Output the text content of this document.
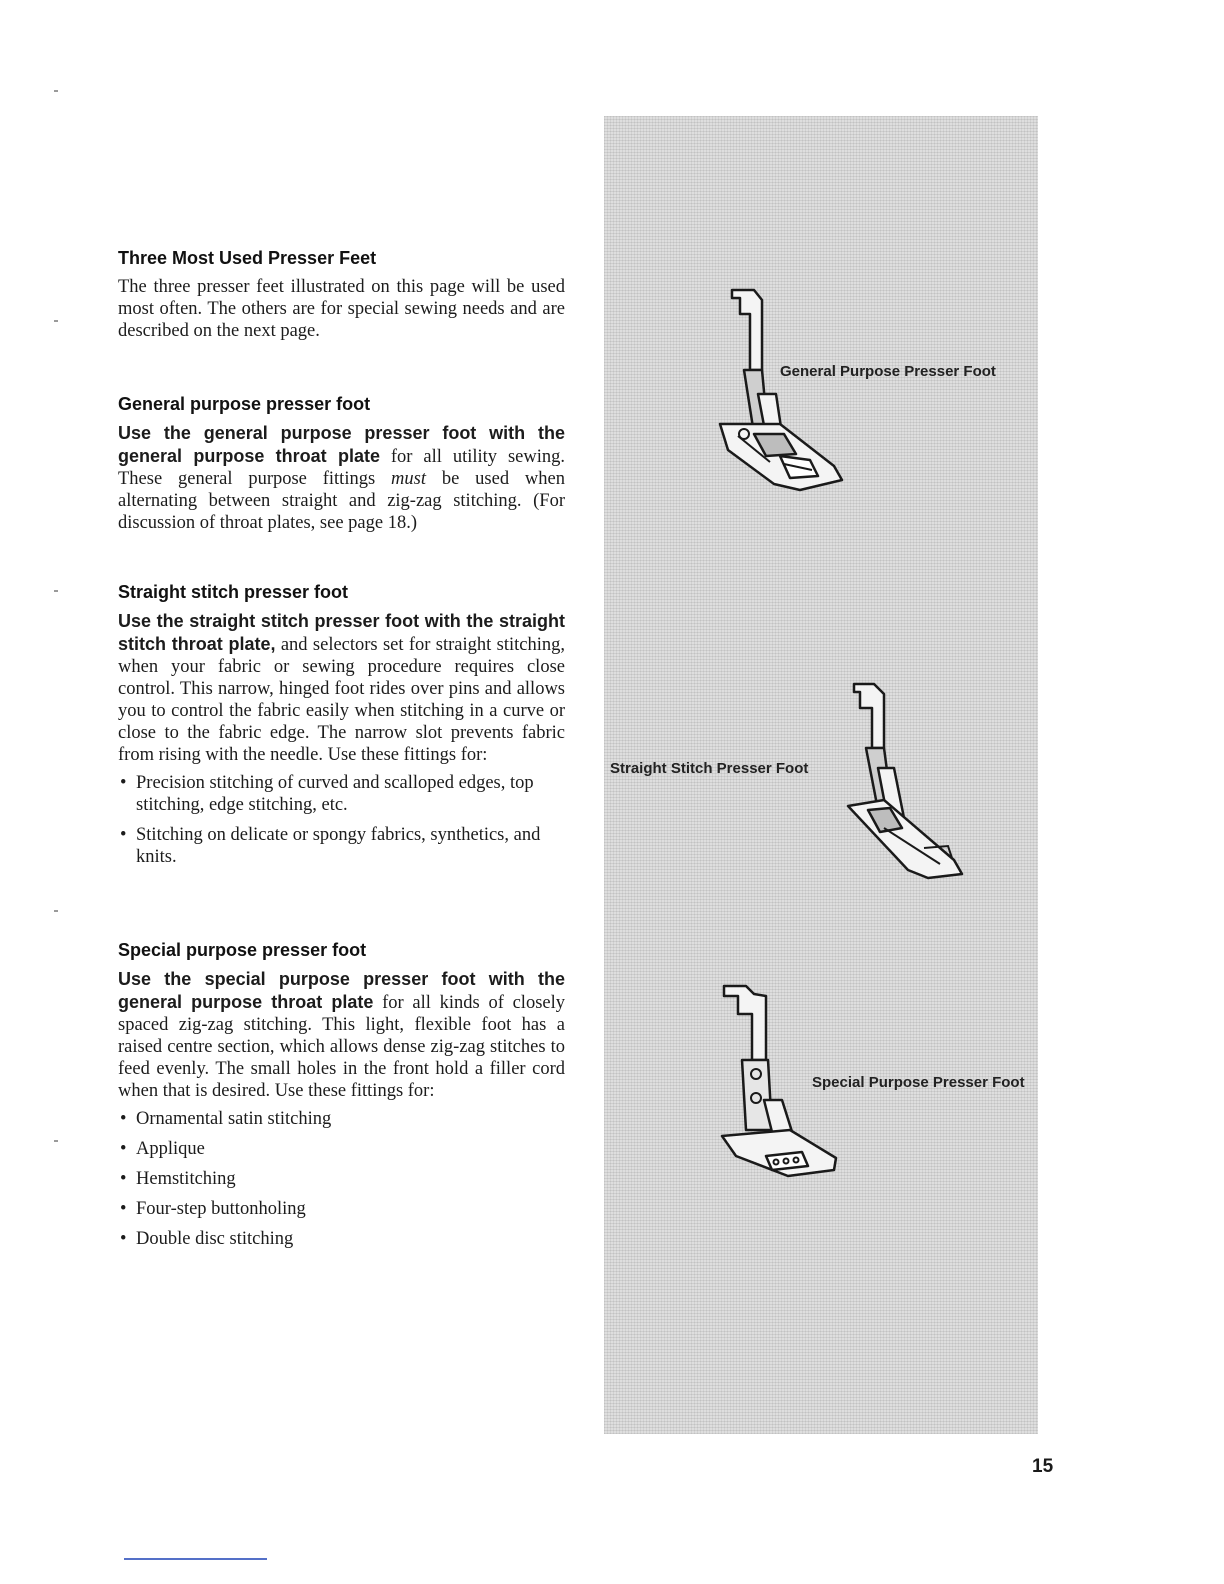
Three Most Used Presser Feet

The three presser feet illustrated on this page will be used most often. The others are for special sewing needs and are described on the next page.

General purpose presser foot

Use the general purpose presser foot with the general purpose throat plate for all utility sewing. These general purpose fittings must be used when alternating between straight and zig-zag stitching. (For discussion of throat plates, see page 18.)

Straight stitch presser foot

Use the straight stitch presser foot with the straight stitch throat plate, and selectors set for straight stitching, when your fabric or sewing procedure requires close control. This narrow, hinged foot rides over pins and allows you to control the fabric easily when stitching in a curve or close to the fabric edge. The narrow slot prevents fabric from rising with the needle. Use these fittings for:

• Precision stitching of curved and scalloped edges, top stitching, edge stitching, etc.
• Stitching on delicate or spongy fabrics, synthetics, and knits.
Special purpose presser foot

Use the special purpose presser foot with the general purpose throat plate for all kinds of closely spaced zig-zag stitching. This light, flexible foot has a raised centre section, which allows dense zig-zag stitches to feed evenly. The small holes in the front hold a filler cord when that is desired. Use these fittings for:

• Ornamental satin stitching
• Applique
• Hemstitching
• Four-step buttonholing
• Double disc stitching
General Purpose Presser Foot
Straight Stitch Presser Foot
Special Purpose Presser Foot
15
